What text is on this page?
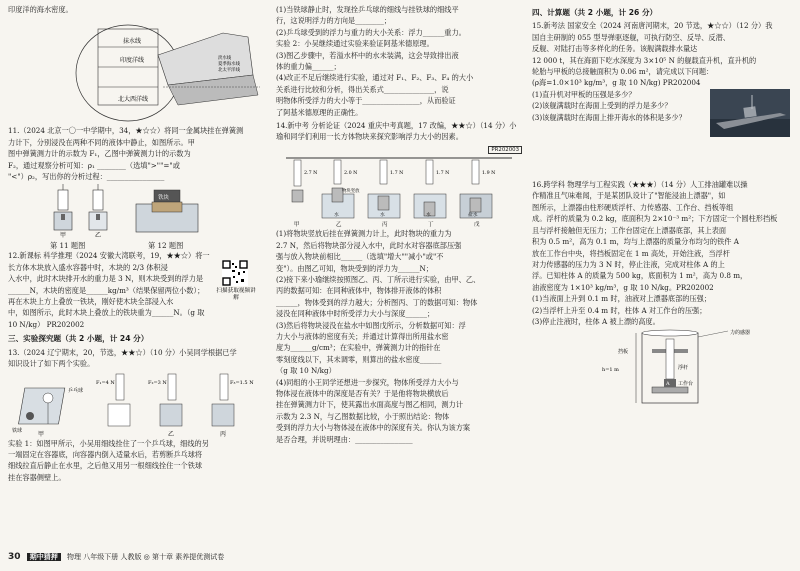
印度洋的海水密度。

抹水线
印度洋线
北大西洋线
淡水线
夏季海水线
北太平洋线

11.（2024 北京一〇一中学期中，34，★☆☆）将同一金属块挂在弹簧测

力计下，分别浸没在两种不同的液体中静止，如图所示。甲

图中弹簧测力计的示数为 F₁，乙图中弹簧测力计的示数为

F₂，通过观察分析可知：ρ₁ ________（选填">""="或

"<"）ρ₂，写出你的分析过程：________________

甲	乙
铁块
第 11 题图	第 12 题图

12.新课标 科学推理（2024 安徽大湾联考，19，★★☆）将一

长方体木块放入盛水容器中时，木块的 2/3 体积浸

入水中，此时木块排开水的重力是 3 N，则木块受到的浮力是

______N，木块的密度是______kg/m³（结果保留两位小数）；

再在木块上方上叠放一铁块，刚好使木块全部浸入水

中，如图所示，此时木块上叠放上的铁块重为______N。（g 取

10 N/kg） PR202002

三、实验探究题（共 2 小题，计 24 分）

13.（2024 辽宁期末，20，节选，★★☆）（10 分）小吴同学根据已学

知识设计了如下两个实验。

乒乓球
铁球
F₁=4 N	F₂=3 N	F₃=1.5 N
甲	乙	丙

实验 1：如图甲所示，小吴用细线拴住了一个乒乓球，细线的另

一端固定在容器底，向容器内倒入适量水后，若剪断乒乓球将

细线拉直后静止在水里，之后他又用另一根细线拴住一个铁球

挂在容器侧壁上。

扫描获取视频讲解

(1)当铁球静止时，发现拴乒乓球的细线与挂铁球的细线平

行，这说明浮力的方向是________；

(2)乒乓球受到的浮力与重力的大小关系：浮力______重力。

实验 2：小吴继续通过实验来验证阿基米德原理。

(3)图乙步骤中，若溢水杯中的水未装满，这会导致排出液

体的重力偏______；

(4)改正不足后继续进行实验，通过对 F₁、F₂、F₃、F₄ 的大小

关系进行比较和分析，得出关系式______________，说

明物体所受浮力的大小等于________________，从而验证

了阿基米德原理的正确性。

14.新中考 分析论证（2024 重庆中考真题，17 改编，★★☆）（14 分）小

瑜和同学们利用一长方体物块来探究影响浮力大小的因素。

PR202003

2.7 N	2.0 N	1.7 N	1.7 N	1.9 N
物块竖放
水	水	水	盐水
甲	乙	丙	丁	戊

(1)将物块竖放后挂在弹簧测力计上，此时物块的重力为

2.7 N，然后将物块部分浸入水中，此时水对容器底部压强

强与放入物块前相比______（选填"增大""减小"或"不

变"）。由图乙可知，物块受到的浮力为______N；

(2)接下来小瑜继续按照图乙、丙、丁所示进行实验，由甲、乙、

丙的数据可知：在同种液体中，物体排开液体的体积

______，物体受到的浮力越大；分析图丙、丁的数据可知：物体

浸没在同种液体中时所受浮力大小与深度______；

(3)然后将物块浸没在盐水中如图戊所示，分析数据可知：浮

力大小与液体的密度有关；并通过计算得出所用盐水密

度为______g/cm³；在实验中，弹簧测力计的指针在

零刻度线以下，其未调零，则算出的盐水密度______

（g 取 10 N/kg）

(4)同组的小王同学还想进一步探究，物体所受浮力大小与

物体浸在液体中的深度是否有关？于是他将物块横放后

挂在弹簧测力计下，使其露出水面高度与图乙相同，测力计

示数为 2.3 N，与乙图数据比较，小于照出结论：物体

受到的浮力大小与物体浸在液体中的深度有关。你认为该方案

是否合理，并说明理由：________________

四、计算题（共 2 小题，计 26 分）

15.新考法 国家安全（2024 河南唐河期末，20 节选，★☆☆）（12 分）我

国自主研制的 055 型导弹驱逐舰，可执行防空、反导、反潜、

反舰、对陆打击等多样化的任务。该舰满载排水量达

12 000 t，其在海面下吃水深度为 3×10⁵ N 的舰载直升机，直升机的

轮胎与甲板的总接触面积为 0.06 m²，请完成以下问题：

(ρ海=1.0×10³ kg/m³，g 取 10 N/kg) PR202004

(1)直升机对甲板的压强是多少？

(2)该舰满载时在海面上受到的浮力是多少？

(3)该舰满载时在海面上排开海水的体积是多少？

16.跨学科 物理学与工程实践（★★★）（14 分）人工排油罐难以操

作精准且气味难闻，于是某团队设计了"智能浸油上漂器"，如

图所示，上漂器由柱形硬质浮杆、力传感器、工作台、挡板等组

成。浮杆的质量为 0.2 kg，底面积为 2×10⁻³ m²；下方固定一个圆柱形挡板

且与浮杆接触但无压力；工作台固定在上漂器底部，其上表面

积为 0.5 m²，高为 0.1 m，均与上漂器的质量分布均匀的铁件 A

放在工作台中央，将挡板固定在 1 m 高处，开始注液，当浮杆

对力传感器的压力为 3 N 时，停止注液，完成对柱体 A 的上

浮。已知柱体 A 的质量为 500 kg，底面积为 1 m²，高为 0.8 m，

油液密度为 1×10³ kg/m³，g 取 10 N/kg。PR202002

(1)当液面上升到 0.1 m 时，油液对上漂器底部的压强；

(2)当浮杆上升至 0.4 m 时，柱体 A 对工作台的压强；

(3)停止注液时，柱体 A 被上漂的高度。

力的感器
挡板
浮杆
工作台
A
h=1 m
30 期中猜押 物理 八年级下册 人教版 ◎ 第十章 素养提优测试卷
